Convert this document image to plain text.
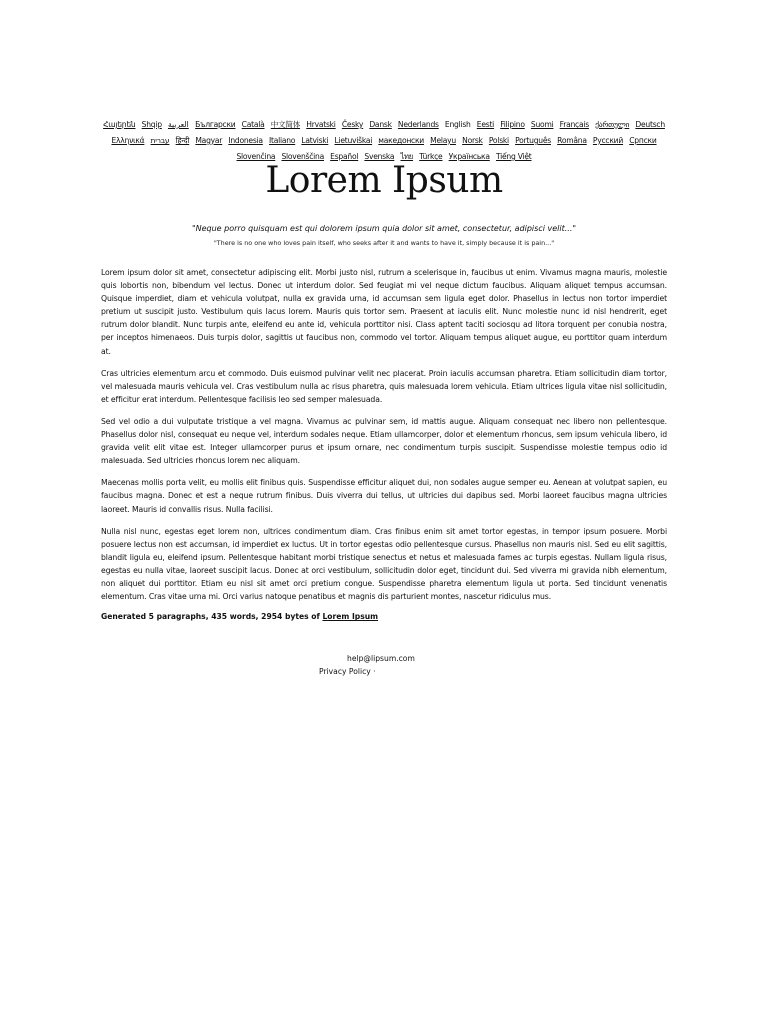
Հայերեն Shqip العربية Български Català 中文简体 Hrvatski Česky Dansk Nederlands English Eesti Filipino Suomi Français ქართული Deutsch Ελληνικά עברית हिन्दी Magyar Indonesia Italiano Latviski Lietuviškai македонски Melayu Norsk Polski Português Româna Pyccкий Српски Slovenčina Slovenščina Español Svenska ไทย Türkçe Українська Tiếng Việt
Lorem Ipsum
"Neque porro quisquam est qui dolorem ipsum quia dolor sit amet, consectetur, adipisci velit..."
"There is no one who loves pain itself, who seeks after it and wants to have it, simply because it is pain..."

Lorem ipsum dolor sit amet, consectetur adipiscing elit. Morbi justo nisl, rutrum a scelerisque in, faucibus ut enim. Vivamus magna mauris, molestie quis lobortis non, bibendum vel lectus. Donec ut interdum dolor. Sed feugiat mi vel neque dictum faucibus. Aliquam aliquet tempus accumsan. Quisque imperdiet, diam et vehicula volutpat, nulla ex gravida urna, id accumsan sem ligula eget dolor. Phasellus in lectus non tortor imperdiet pretium ut suscipit justo. Vestibulum quis lacus lorem. Mauris quis tortor sem. Praesent at iaculis elit. Nunc molestie nunc id nisl hendrerit, eget rutrum dolor blandit. Nunc turpis ante, eleifend eu ante id, vehicula porttitor nisi. Class aptent taciti sociosqu ad litora torquent per conubia nostra, per inceptos himenaeos. Duis turpis dolor, sagittis ut faucibus non, commodo vel tortor. Aliquam tempus aliquet augue, eu porttitor quam interdum at.

Cras ultricies elementum arcu et commodo. Duis euismod pulvinar velit nec placerat. Proin iaculis accumsan pharetra. Etiam sollicitudin diam tortor, vel malesuada mauris vehicula vel. Cras vestibulum nulla ac risus pharetra, quis malesuada lorem vehicula. Etiam ultrices ligula vitae nisl sollicitudin, et efficitur erat interdum. Pellentesque facilisis leo sed semper malesuada.

Sed vel odio a dui vulputate tristique a vel magna. Vivamus ac pulvinar sem, id mattis augue. Aliquam consequat nec libero non pellentesque. Phasellus dolor nisl, consequat eu neque vel, interdum sodales neque. Etiam ullamcorper, dolor et elementum rhoncus, sem ipsum vehicula libero, id gravida velit elit vitae est. Integer ullamcorper purus et ipsum ornare, nec condimentum turpis suscipit. Suspendisse molestie tempus odio id malesuada. Sed ultricies rhoncus lorem nec aliquam.

Maecenas mollis porta velit, eu mollis elit finibus quis. Suspendisse efficitur aliquet dui, non sodales augue semper eu. Aenean at volutpat sapien, eu faucibus magna. Donec et est a neque rutrum finibus. Duis viverra dui tellus, ut ultricies dui dapibus sed. Morbi laoreet faucibus magna ultricies laoreet. Mauris id convallis risus. Nulla facilisi.

Nulla nisl nunc, egestas eget lorem non, ultrices condimentum diam. Cras finibus enim sit amet tortor egestas, in tempor ipsum posuere. Morbi posuere lectus non est accumsan, id imperdiet ex luctus. Ut in tortor egestas odio pellentesque cursus. Phasellus non mauris nisl. Sed eu elit sagittis, blandit ligula eu, eleifend ipsum. Pellentesque habitant morbi tristique senectus et netus et malesuada fames ac turpis egestas. Nullam ligula risus, egestas eu nulla vitae, laoreet suscipit lacus. Donec at orci vestibulum, sollicitudin dolor eget, tincidunt dui. Sed viverra mi gravida nibh elementum, non aliquet dui porttitor. Etiam eu nisl sit amet orci pretium congue. Suspendisse pharetra elementum ligula ut porta. Sed tincidunt venenatis elementum. Cras vitae urna mi. Orci varius natoque penatibus et magnis dis parturient montes, nascetur ridiculus mus.

Generated 5 paragraphs, 435 words, 2954 bytes of Lorem Ipsum
help@lipsum.com
Privacy Policy ·
